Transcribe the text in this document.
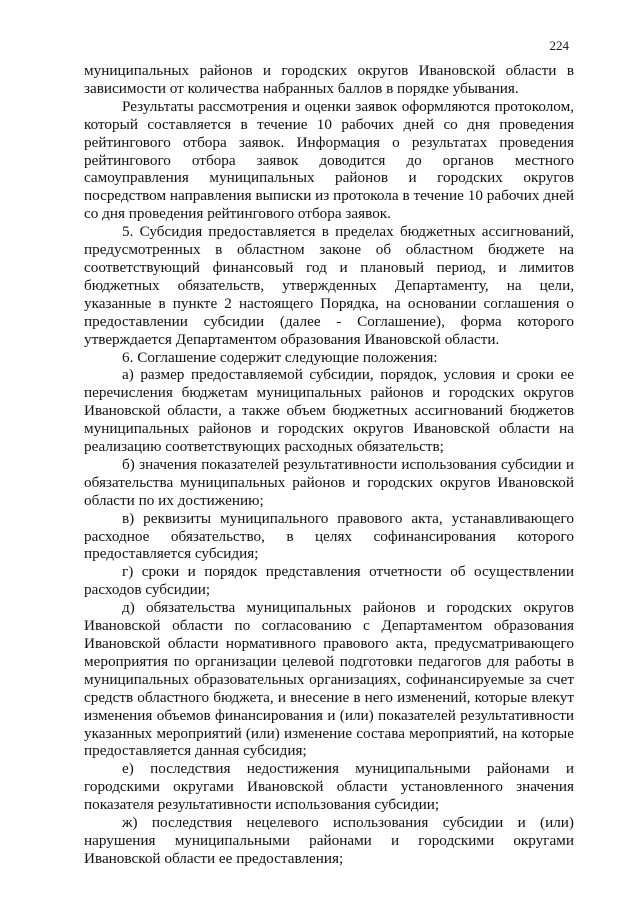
224

муниципальных районов и городских округов Ивановской области в зависимости от количества набранных баллов в порядке убывания.

Результаты рассмотрения и оценки заявок оформляются протоколом, который составляется в течение 10 рабочих дней со дня проведения рейтингового отбора заявок. Информация о результатах проведения рейтингового отбора заявок доводится до органов местного самоуправления муниципальных районов и городских округов посредством направления выписки из протокола в течение 10 рабочих дней со дня проведения рейтингового отбора заявок.

5. Субсидия предоставляется в пределах бюджетных ассигнований, предусмотренных в областном законе об областном бюджете на соответствующий финансовый год и плановый период, и лимитов бюджетных обязательств, утвержденных Департаменту, на цели, указанные в пункте 2 настоящего Порядка, на основании соглашения о предоставлении субсидии (далее - Соглашение), форма которого утверждается Департаментом образования Ивановской области.

6. Соглашение содержит следующие положения:

а) размер предоставляемой субсидии, порядок, условия и сроки ее перечисления бюджетам муниципальных районов и городских округов Ивановской области, а также объем бюджетных ассигнований бюджетов муниципальных районов и городских округов Ивановской области на реализацию соответствующих расходных обязательств;

б) значения показателей результативности использования субсидии и обязательства муниципальных районов и городских округов Ивановской области по их достижению;

в) реквизиты муниципального правового акта, устанавливающего расходное обязательство, в целях софинансирования которого предоставляется субсидия;

г) сроки и порядок представления отчетности об осуществлении расходов субсидии;

д) обязательства муниципальных районов и городских округов Ивановской области по согласованию с Департаментом образования Ивановской области нормативного правового акта, предусматривающего мероприятия по организации целевой подготовки педагогов для работы в муниципальных образовательных организациях, софинансируемые за счет средств областного бюджета, и внесение в него изменений, которые влекут изменения объемов финансирования и (или) показателей результативности указанных мероприятий (или) изменение состава мероприятий, на которые предоставляется данная субсидия;

е) последствия недостижения муниципальными районами и городскими округами Ивановской области установленного значения показателя результативности использования субсидии;

ж) последствия нецелевого использования субсидии и (или) нарушения муниципальными районами и городскими округами Ивановской области ее предоставления;
